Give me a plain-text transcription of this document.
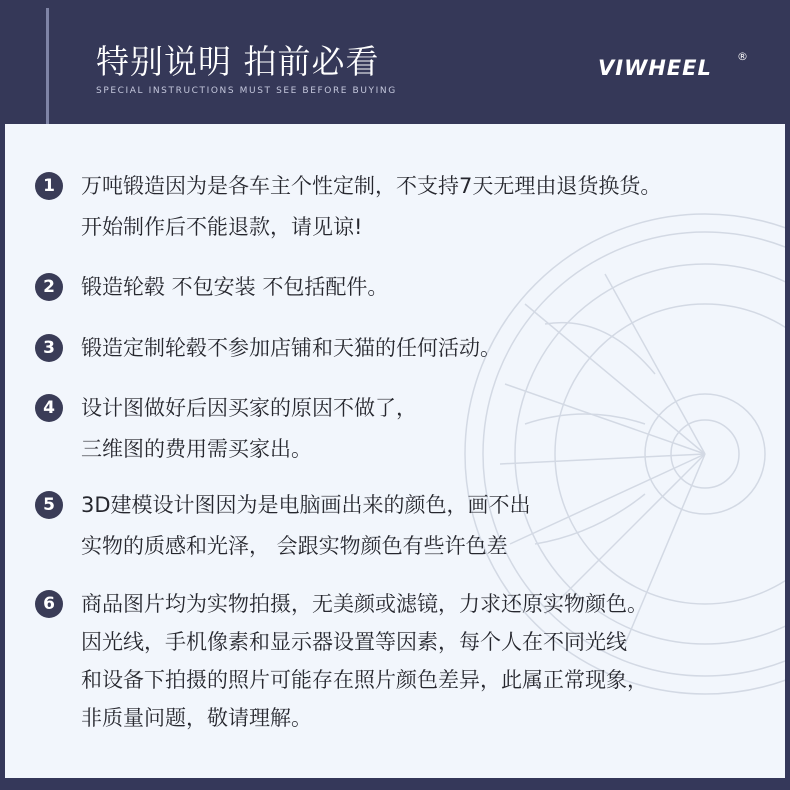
特别说明 拍前必看
SPECIAL INSTRUCTIONS MUST SEE BEFORE BUYING
VIWHEEL ®
1	万吨锻造因为是各车主个性定制，不支持7天无理由退货换货。
开始制作后不能退款，请见谅!
2	锻造轮毂 不包安装 不包括配件。
3	锻造定制轮毂不参加店铺和天猫的任何活动。
4	设计图做好后因买家的原因不做了，
三维图的费用需买家出。
5	3D建模设计图因为是电脑画出来的颜色，画不出
实物的质感和光泽， 会跟实物颜色有些许色差
6	商品图片均为实物拍摄，无美颜或滤镜，力求还原实物颜色。
因光线，手机像素和显示器设置等因素，每个人在不同光线
和设备下拍摄的照片可能存在照片颜色差异，此属正常现象，
非质量问题，敬请理解。
